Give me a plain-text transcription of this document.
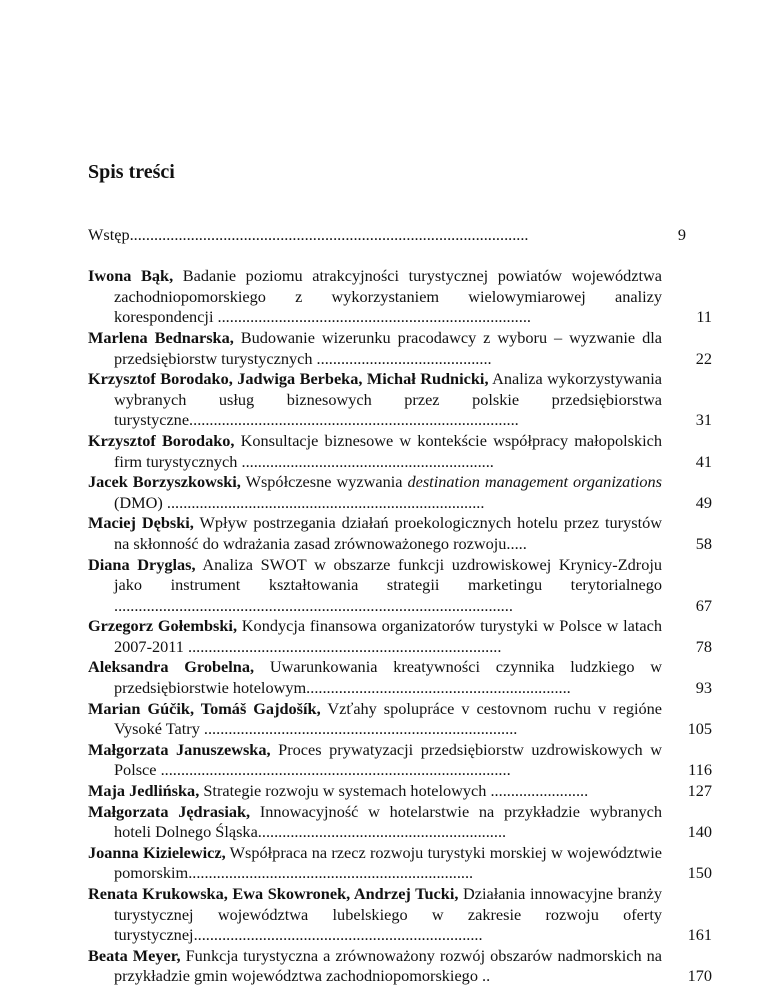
Spis treści
Wstęp..................................................................................................	9
Iwona Bąk, Badanie poziomu atrakcyjności turystycznej powiatów województwa zachodniopomorskiego z wykorzystaniem wielowymiarowej analizy korespondencji .............................................................................	11
Marlena Bednarska, Budowanie wizerunku pracodawcy z wyboru – wyzwanie dla przedsiębiorstw turystycznych ...........................................	22
Krzysztof Borodako, Jadwiga Berbeka, Michał Rudnicki, Analiza wykorzystywania wybranych usług biznesowych przez polskie przedsiębiorstwa turystyczne.................................................................................	31
Krzysztof Borodako, Konsultacje biznesowe w kontekście współpracy małopolskich firm turystycznych ..............................................................	41
Jacek Borzyszkowski, Współczesne wyzwania destination management organizations (DMO) ..............................................................................	49
Maciej Dębski, Wpływ postrzegania działań proekologicznych hotelu przez turystów na skłonność do wdrażania zasad zrównoważonego rozwoju.....	58
Diana Dryglas, Analiza SWOT w obszarze funkcji uzdrowiskowej Krynicy-Zdroju jako instrument kształtowania strategii marketingu terytorialnego ..................................................................................................	67
Grzegorz Gołembski, Kondycja finansowa organizatorów turystyki w Polsce w latach 2007-2011 .............................................................................	78
Aleksandra Grobelna, Uwarunkowania kreatywności czynnika ludzkiego w przedsiębiorstwie hotelowym.................................................................	93
Marian Gúčik, Tomáš Gajdošík, Vzťahy spolupráce v cestovnom ruchu v regióne Vysoké Tatry .............................................................................	105
Małgorzata Januszewska, Proces prywatyzacji przedsiębiorstw uzdrowiskowych w Polsce ......................................................................................	116
Maja Jedlińska, Strategie rozwoju w systemach hotelowych ........................	127
Małgorzata Jędrasiak, Innowacyjność w hotelarstwie na przykładzie wybranych hoteli Dolnego Śląska.............................................................	140
Joanna Kizielewicz, Współpraca na rzecz rozwoju turystyki morskiej w województwie pomorskim......................................................................	150
Renata Krukowska, Ewa Skowronek, Andrzej Tucki, Działania innowacyjne branży turystycznej województwa lubelskiego w zakresie rozwoju oferty turystycznej.......................................................................	161
Beata Meyer, Funkcja turystyczna a zrównoważony rozwój obszarów nadmorskich na przykładzie gmin województwa zachodniopomorskiego ..	170
